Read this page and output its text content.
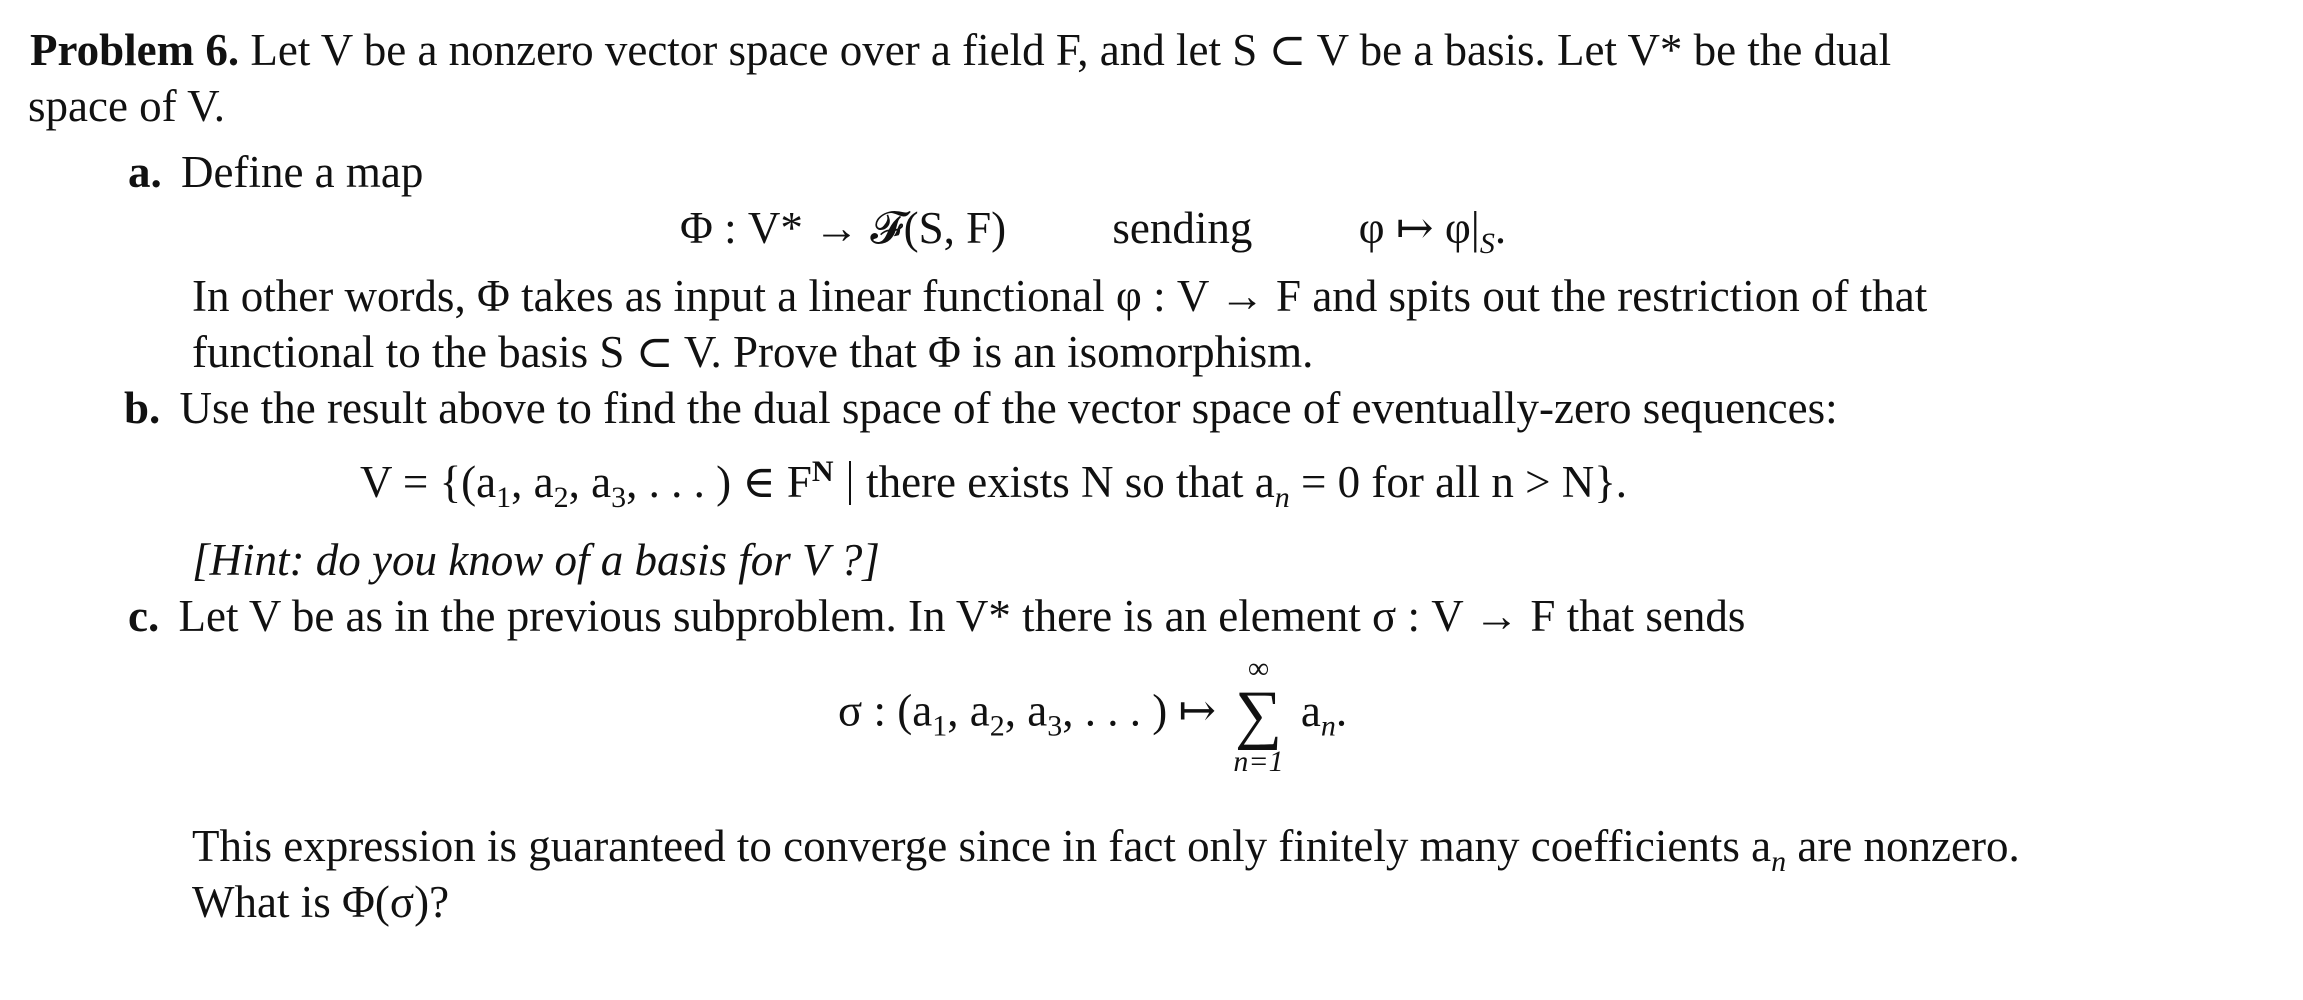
Problem 6. Let V be a nonzero vector space over a field F, and let S ⊂ V be a basis. Let V* be the dual
space of V.
a. Define a map
Φ : V* → 𝓕(S, F) sending φ ↦ $\varphi|_S$.
In other words, Φ takes as input a linear functional φ : V → F and spits out the restriction of that
functional to the basis S ⊂ V. Prove that Φ is an isomorphism.
b. Use the result above to find the dual space of the vector space of eventually-zero sequences:
$V = \{(a_1$, $a_2$, $a_3$, . . . ) ∈ $F^N$ there exists N so that $a_n = 0$ for all n > N}.
[Hint: do you know of a basis for V ?]
c. Let V be as in the previous subproblem. In V* there is an element σ : V → F that sends
σ : ($a_1$, $a_2$, $a_3$, . . . ) ↦
∞
∑
n=1
$a_n$.
This expression is guaranteed to converge since in fact only finitely many coefficients $a_n$ are nonzero.
What is Φ(σ)?
